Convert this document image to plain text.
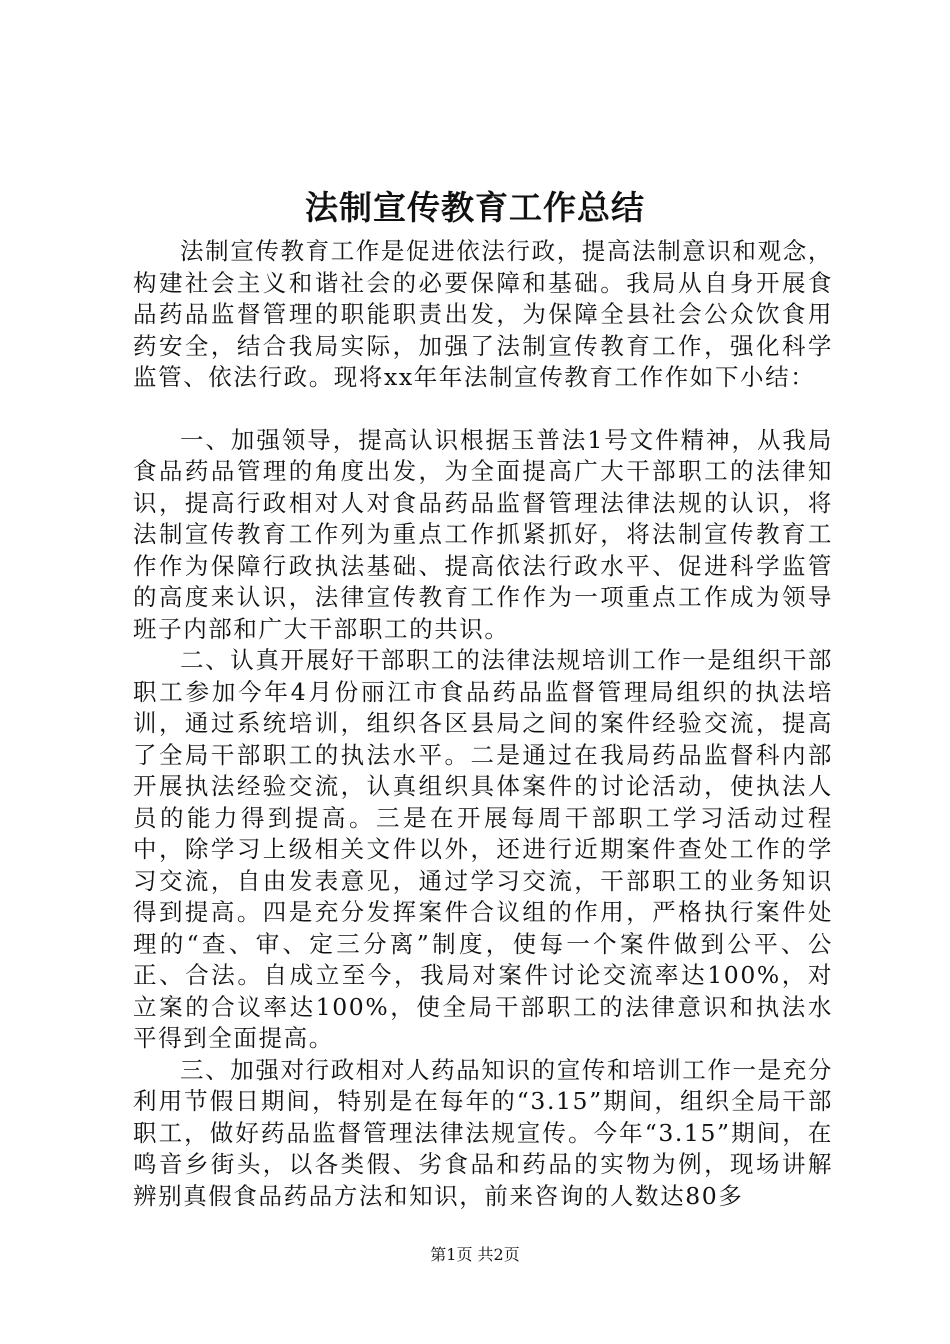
法制宣传教育工作总结

法制宣传教育工作是促进依法行政，提高法制意识和观念，构建社会主义和谐社会的必要保障和基础。我局从自身开展食品药品监督管理的职能职责出发，为保障全县社会公众饮食用药安全，结合我局实际，加强了法制宣传教育工作，强化科学监管、依法行政。现将xx年年法制宣传教育工作作如下小结：

一、加强领导，提高认识根据玉普法1号文件精神，从我局食品药品管理的角度出发，为全面提高广大干部职工的法律知识，提高行政相对人对食品药品监督管理法律法规的认识，将法制宣传教育工作列为重点工作抓紧抓好，将法制宣传教育工作作为保障行政执法基础、提高依法行政水平、促进科学监管的高度来认识，法律宣传教育工作作为一项重点工作成为领导班子内部和广大干部职工的共识。

二、认真开展好干部职工的法律法规培训工作一是组织干部职工参加今年4月份丽江市食品药品监督管理局组织的执法培训，通过系统培训，组织各区县局之间的案件经验交流，提高了全局干部职工的执法水平。二是通过在我局药品监督科内部开展执法经验交流，认真组织具体案件的讨论活动，使执法人员的能力得到提高。三是在开展每周干部职工学习活动过程中，除学习上级相关文件以外，还进行近期案件查处工作的学习交流，自由发表意见，通过学习交流，干部职工的业务知识得到提高。四是充分发挥案件合议组的作用，严格执行案件处理的“查、审、定三分离”制度，使每一个案件做到公平、公正、合法。自成立至今，我局对案件讨论交流率达100%，对立案的合议率达100%，使全局干部职工的法律意识和执法水平得到全面提高。

三、加强对行政相对人药品知识的宣传和培训工作一是充分利用节假日期间，特别是在每年的“3.15”期间，组织全局干部职工，做好药品监督管理法律法规宣传。今年“3.15”期间，在鸣音乡街头，以各类假、劣食品和药品的实物为例，现场讲解辨别真假食品药品方法和知识，前来咨询的人数达80多

第1页 共2页
